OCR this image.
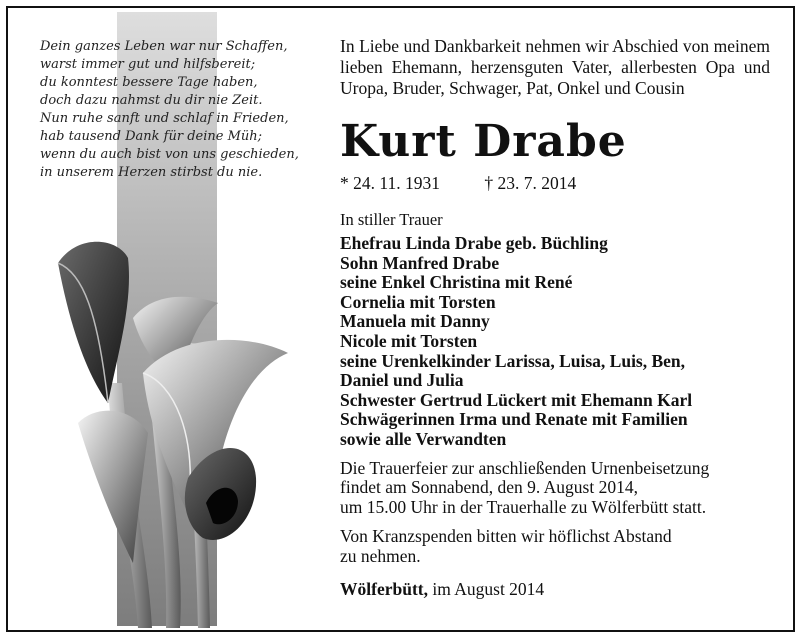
Dein ganzes Leben war nur Schaffen,
warst immer gut und hilfsbereit;
du konntest bessere Tage haben,
doch dazu nahmst du dir nie Zeit.
Nun ruhe sanft und schlaf in Frieden,
hab tausend Dank für deine Müh;
wenn du auch bist von uns geschieden,
in unserem Herzen stirbst du nie.
In Liebe und Dankbarkeit nehmen wir Abschied von meinem lieben Ehemann, herzensguten Vater, allerbesten Opa und Uropa, Bruder, Schwager, Pat, Onkel und Cousin
Kurt Drabe
* 24. 11. 1931	† 23. 7. 2014
In stiller Trauer
Ehefrau Linda Drabe geb. Büchling
Sohn Manfred Drabe
seine Enkel Christina mit René
Cornelia mit Torsten
Manuela mit Danny
Nicole mit Torsten
seine Urenkelkinder Larissa, Luisa, Luis, Ben,
Daniel und Julia
Schwester Gertrud Lückert mit Ehemann Karl
Schwägerinnen Irma und Renate mit Familien
sowie alle Verwandten
Die Trauerfeier zur anschließenden Urnenbeisetzung
findet am Sonnabend, den 9. August 2014,
um 15.00 Uhr in der Trauerhalle zu Wölferbütt statt.
Von Kranzspenden bitten wir höflichst Abstand
zu nehmen.
Wölferbütt, im August 2014
